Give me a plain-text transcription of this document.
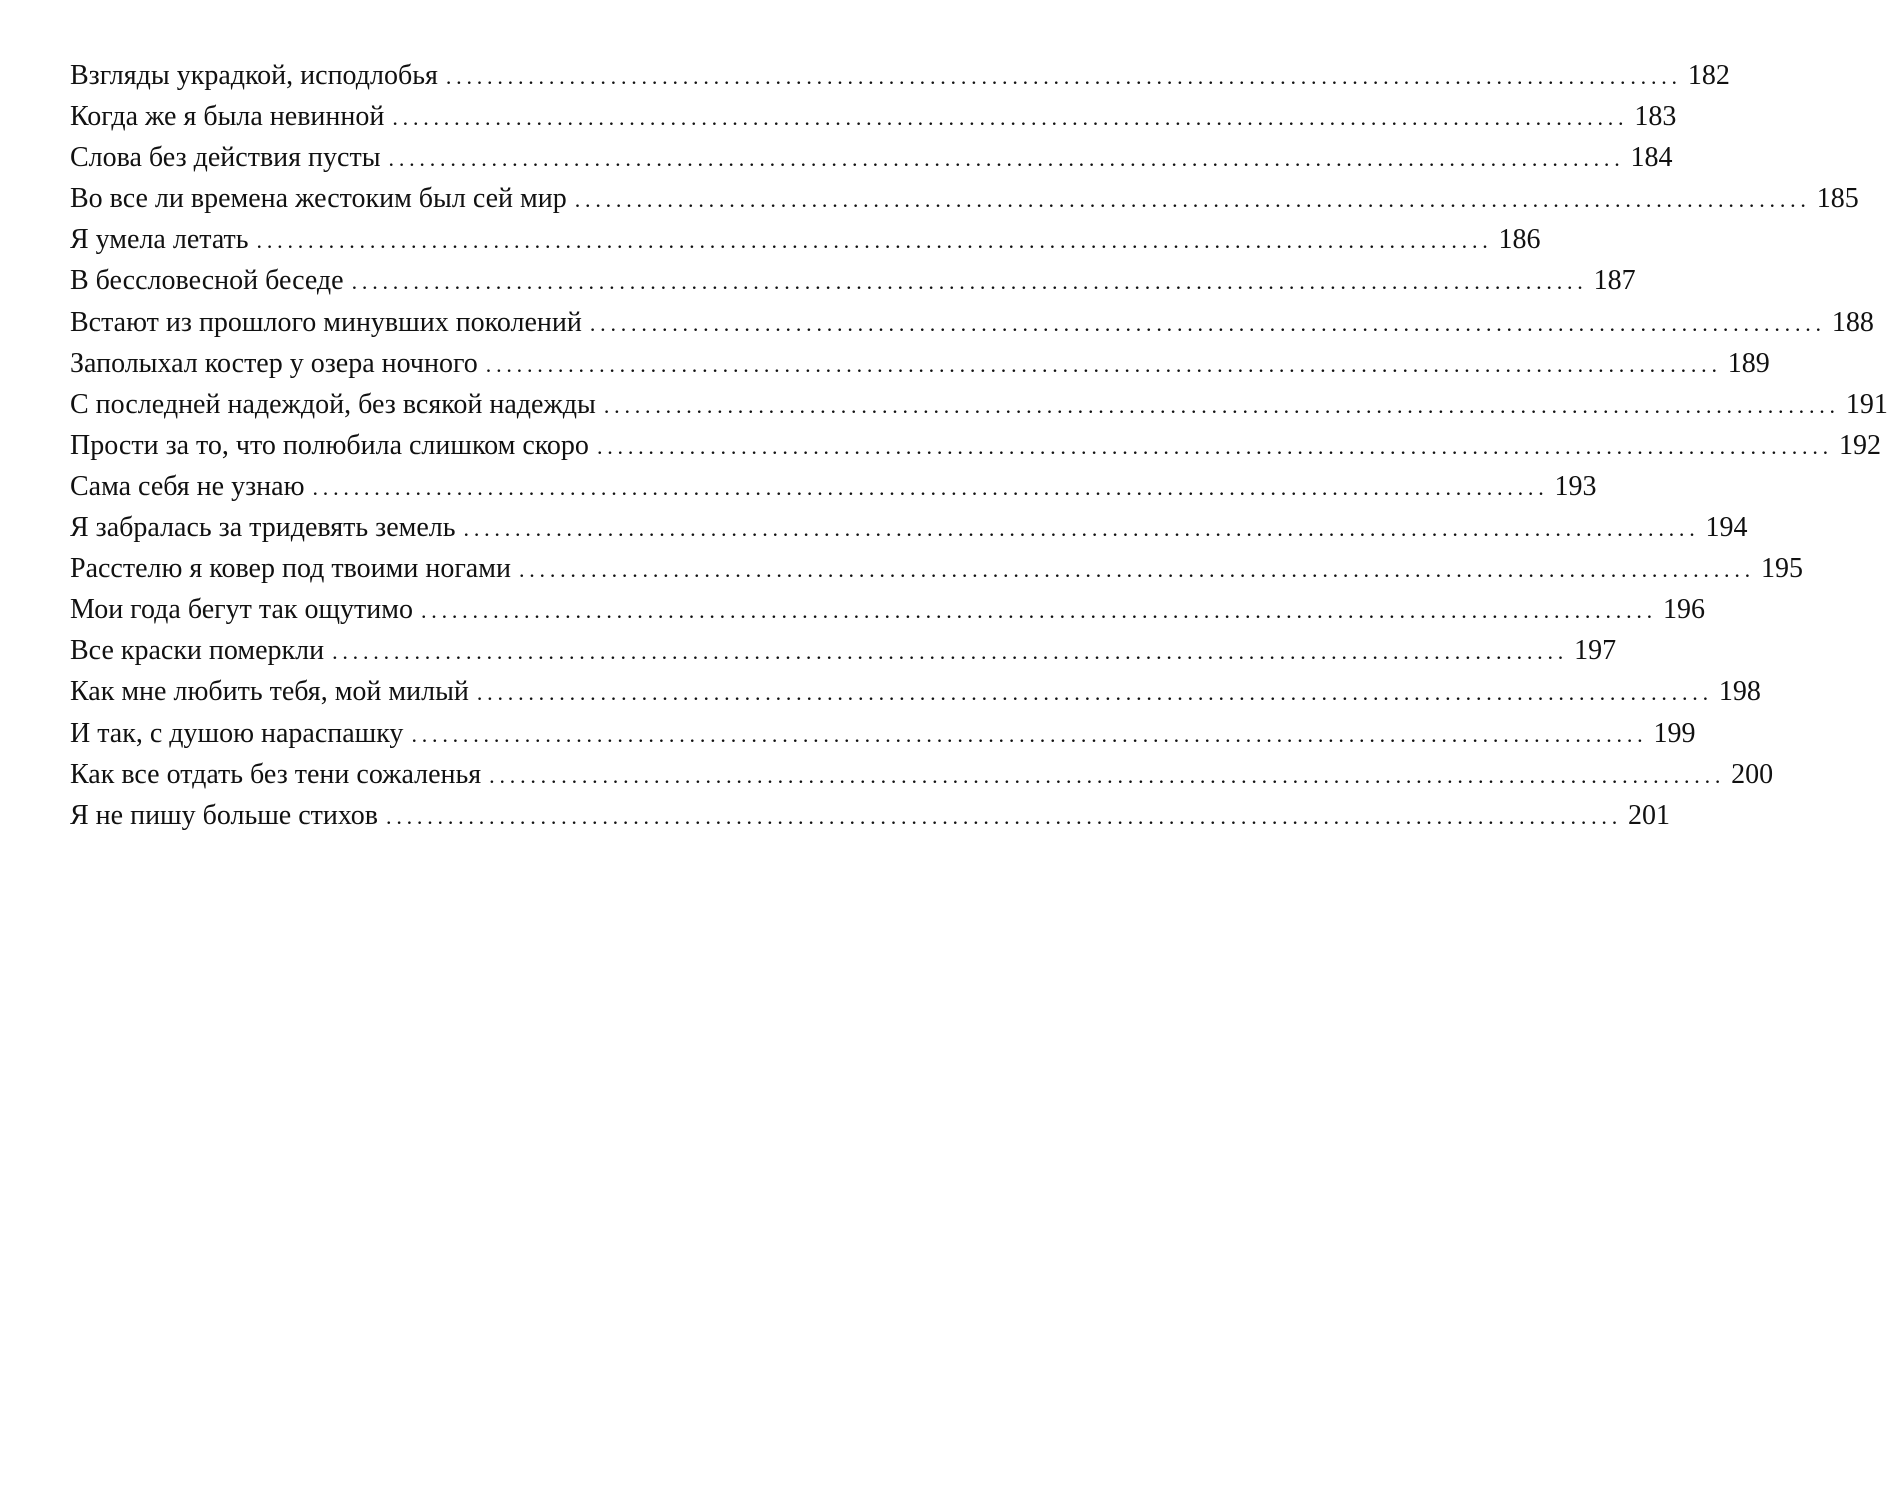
Взгляды украдкой, исподлобья ........................................................................................................................ 182
Когда же я была невинной ........................................................................................................................ 183
Слова без действия пусты ........................................................................................................................ 184
Во все ли времена жестоким был сей мир ........................................................................................................................ 185
Я умела летать ........................................................................................................................ 186
В бессловесной беседе ........................................................................................................................ 187
Встают из прошлого минувших поколений ........................................................................................................................ 188
Заполыхал костер у озера ночного ........................................................................................................................ 189
С последней надеждой, без всякой надежды ........................................................................................................................ 191
Прости за то, что полюбила слишком скоро ........................................................................................................................ 192
Сама себя не узнаю ........................................................................................................................ 193
Я забралась за тридевять земель ........................................................................................................................ 194
Расстелю я ковер под твоими ногами ........................................................................................................................ 195
Мои года бегут так ощутимо ........................................................................................................................ 196
Все краски померкли ........................................................................................................................ 197
Как мне любить тебя, мой милый ........................................................................................................................ 198
И так, с душою нараспашку ........................................................................................................................ 199
Как все отдать без тени сожаленья ........................................................................................................................ 200
Я не пишу больше стихов ........................................................................................................................ 201
